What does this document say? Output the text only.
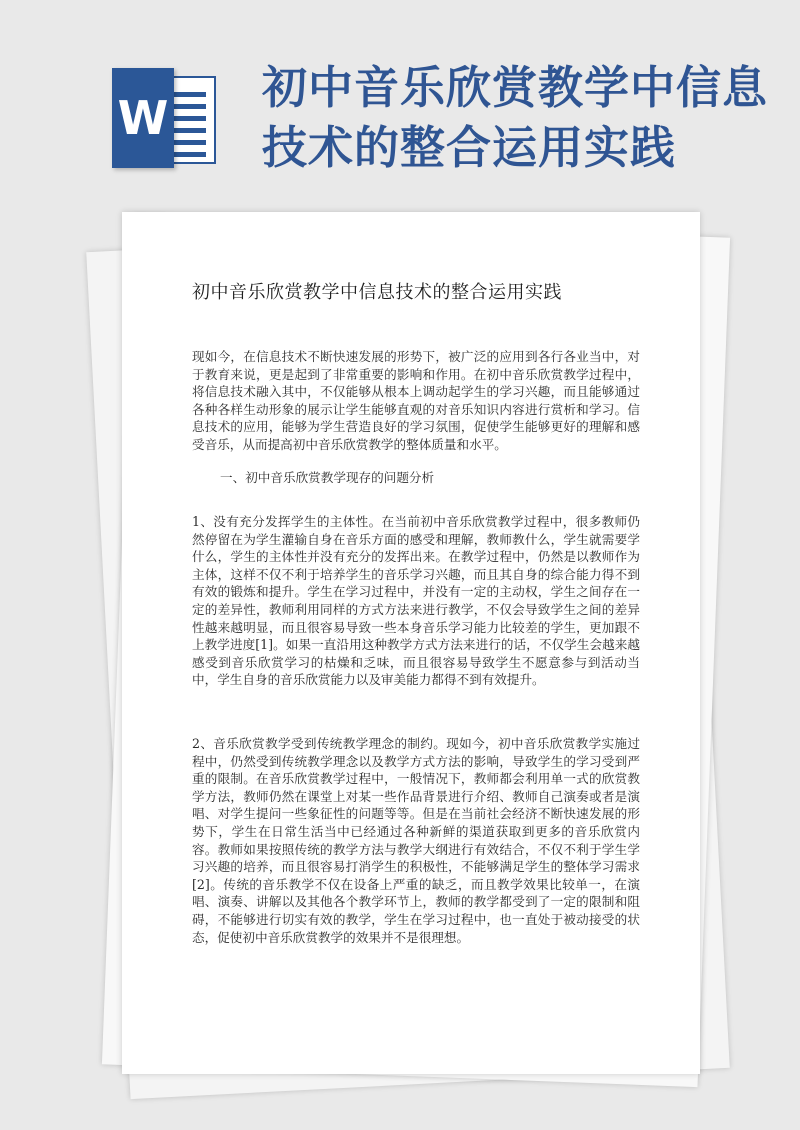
W
初中音乐欣赏教学中信息技术的整合运用实践
初中音乐欣赏教学中信息技术的整合运用实践

现如今，在信息技术不断快速发展的形势下，被广泛的应用到各行各业当中，对于教育来说，更是起到了非常重要的影响和作用。在初中音乐欣赏教学过程中，将信息技术融入其中，不仅能够从根本上调动起学生的学习兴趣，而且能够通过各种各样生动形象的展示让学生能够直观的对音乐知识内容进行赏析和学习。信息技术的应用，能够为学生营造良好的学习氛围，促使学生能够更好的理解和感受音乐，从而提高初中音乐欣赏教学的整体质量和水平。

一、初中音乐欣赏教学现存的问题分析

1、没有充分发挥学生的主体性。在当前初中音乐欣赏教学过程中，很多教师仍然停留在为学生灌输自身在音乐方面的感受和理解，教师教什么，学生就需要学什么，学生的主体性并没有充分的发挥出来。在教学过程中，仍然是以教师作为主体，这样不仅不利于培养学生的音乐学习兴趣，而且其自身的综合能力得不到有效的锻炼和提升。学生在学习过程中，并没有一定的主动权，学生之间存在一定的差异性，教师利用同样的方式方法来进行教学，不仅会导致学生之间的差异性越来越明显，而且很容易导致一些本身音乐学习能力比较差的学生，更加跟不上教学进度[1]。如果一直沿用这种教学方式方法来进行的话，不仅学生会越来越感受到音乐欣赏学习的枯燥和乏味，而且很容易导致学生不愿意参与到活动当中，学生自身的音乐欣赏能力以及审美能力都得不到有效提升。

2、音乐欣赏教学受到传统教学理念的制约。现如今，初中音乐欣赏教学实施过程中，仍然受到传统教学理念以及教学方式方法的影响，导致学生的学习受到严重的限制。在音乐欣赏教学过程中，一般情况下，教师都会利用单一式的欣赏教学方法，教师仍然在课堂上对某一些作品背景进行介绍、教师自己演奏或者是演唱、对学生提问一些象征性的问题等等。但是在当前社会经济不断快速发展的形势下，学生在日常生活当中已经通过各种新鲜的渠道获取到更多的音乐欣赏内容。教师如果按照传统的教学方法与教学大纲进行有效结合，不仅不利于学生学习兴趣的培养，而且很容易打消学生的积极性，不能够满足学生的整体学习需求[2]。传统的音乐教学不仅在设备上严重的缺乏，而且教学效果比较单一，在演唱、演奏、讲解以及其他各个教学环节上，教师的教学都受到了一定的限制和阻碍，不能够进行切实有效的教学，学生在学习过程中，也一直处于被动接受的状态，促使初中音乐欣赏教学的效果并不是很理想。
